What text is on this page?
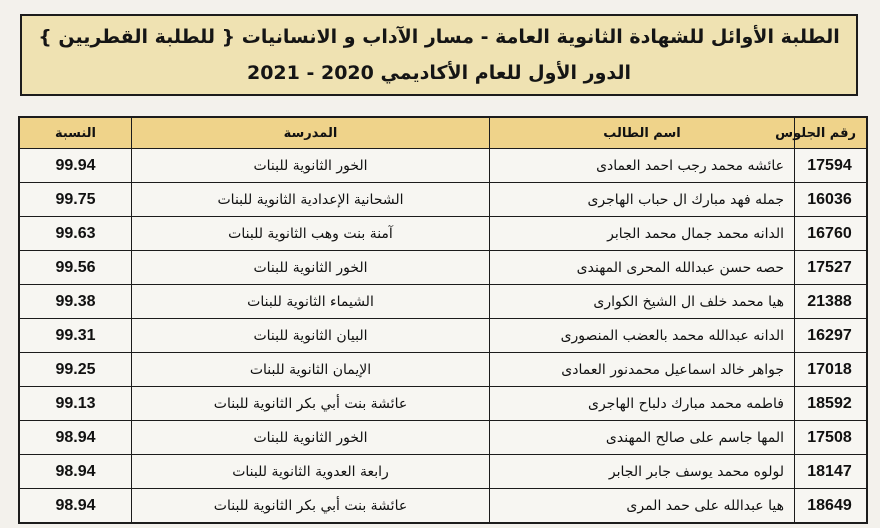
الطلبة الأوائل للشهادة الثانوية العامة - مسار الآداب و الانسانيات { للطلبة القطريين }
الدور الأول للعام الأكاديمي 2020 - 2021
رقم الجلوس	اسم الطالب	المدرسة	النسبة
17594	عائشه محمد رجب احمد العمادى	الخور الثانوية للبنات	99.94
16036	جمله فهد مبارك ال حباب الهاجرى	الشحانية الإعدادية الثانوية للبنات	99.75
16760	الدانه محمد جمال محمد الجابر	آمنة بنت وهب الثانوية للبنات	99.63
17527	حصه حسن عبدالله المحرى المهندى	الخور الثانوية للبنات	99.56
21388	هيا محمد خلف ال الشيخ الكوارى	الشيماء الثانوية للبنات	99.38
16297	الدانه عبدالله محمد بالعضب المنصورى	البيان الثانوية للبنات	99.31
17018	جواهر خالد اسماعيل محمدنور العمادى	الإيمان الثانوية للبنات	99.25
18592	فاطمه محمد مبارك دلباح الهاجرى	عائشة بنت أبي بكر الثانوية للبنات	99.13
17508	المها جاسم على صالح المهندى	الخور الثانوية للبنات	98.94
18147	لولوه محمد يوسف جابر الجابر	رابعة العدوية الثانوية للبنات	98.94
18649	هيا عبدالله على حمد المرى	عائشة بنت أبي بكر الثانوية للبنات	98.94
